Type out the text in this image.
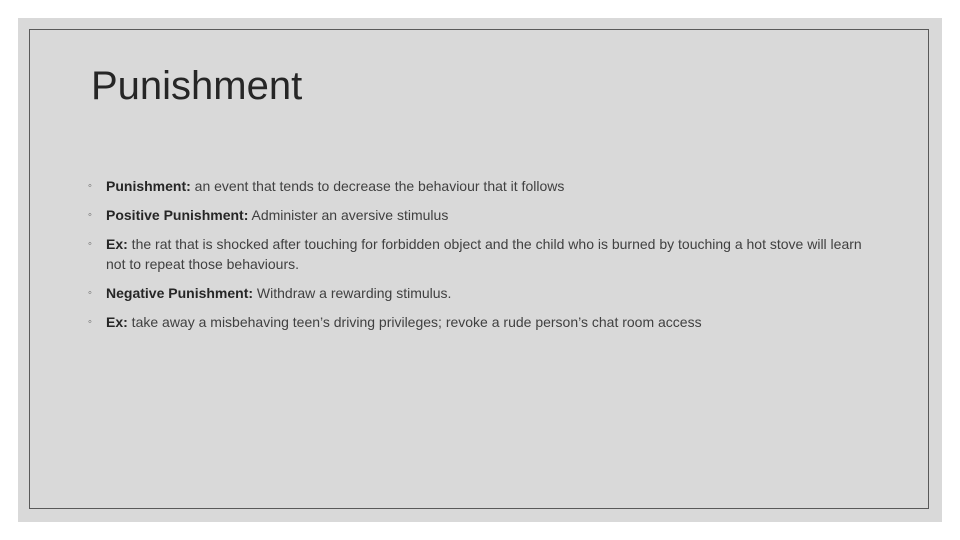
Punishment
◦ Punishment: an event that tends to decrease the behaviour that it follows
◦ Positive Punishment: Administer an aversive stimulus
◦ Ex: the rat that is shocked after touching for forbidden object and the child who is burned by touching a hot stove will learn not to repeat those behaviours.
◦ Negative Punishment: Withdraw a rewarding stimulus.
◦ Ex: take away a misbehaving teen’s driving privileges; revoke a rude person’s chat room access
